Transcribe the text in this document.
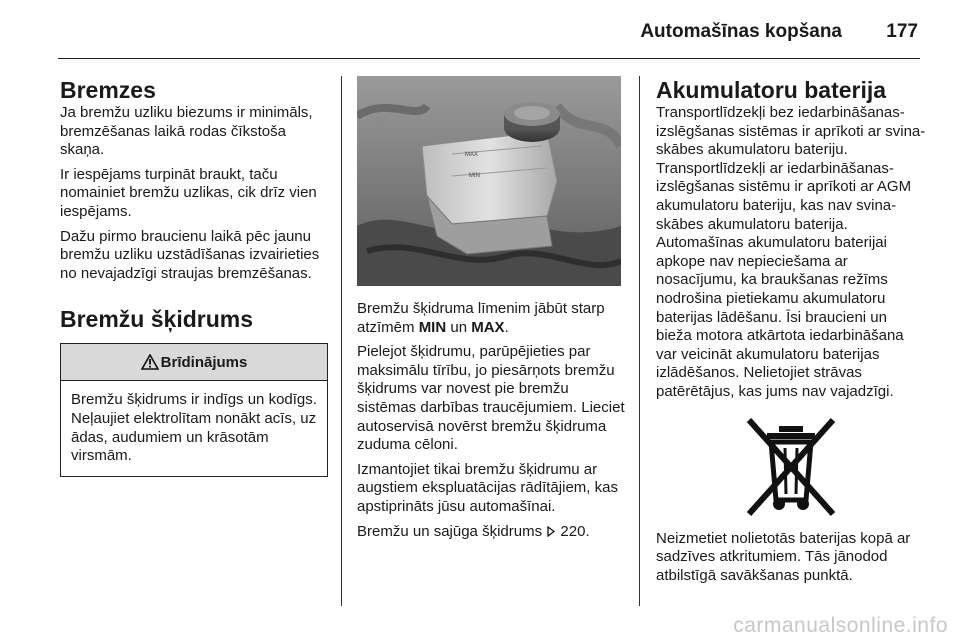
Automašīnas kopšana 177
Bremzes

Ja bremžu uzliku biezums ir minimāls, bremzēšanas laikā rodas čīkstoša skaņa.

Ir iespējams turpināt braukt, taču nomainiet bremžu uzlikas, cik drīz vien iespējams.

Dažu pirmo braucienu laikā pēc jaunu bremžu uzliku uzstādīšanas izvairieties no nevajadzīgi straujas bremzēšanas.

Bremžu šķidrums
Brīdinājums
Bremžu šķidrums ir indīgs un kodīgs. Neļaujiet elektrolītam nonākt acīs, uz ādas, audumiem un krāsotām virsmām.
MAX
MIN

Bremžu šķidruma līmenim jābūt starp atzīmēm MIN un MAX.

Pielejot šķidrumu, parūpējieties par maksimālu tīrību, jo piesārņots bremžu šķidrums var novest pie bremžu sistēmas darbības traucējumiem. Lieciet autoservisā novērst bremžu šķidruma zuduma cēloni.

Izmantojiet tikai bremžu šķidrumu ar augstiem ekspluatācijas rādītājiem, kas apstiprināts jūsu automašīnai.

Bremžu un sajūga šķidrums  220.

Akumulatoru baterija

Transportlīdzekļi bez iedarbināšanas-izslēgšanas sistēmas ir aprīkoti ar svina-skābes akumulatoru bateriju. Transportlīdzekļi ar iedarbināšanas-izslēgšanas sistēmu ir aprīkoti ar AGM akumulatoru bateriju, kas nav svina-skābes akumulatoru baterija. Automašīnas akumulatoru baterijai apkope nav nepieciešama ar nosacījumu, ka braukšanas režīms nodrošina pietiekamu akumulatoru baterijas lādēšanu. Īsi braucieni un bieža motora atkārtota iedarbināšana var veicināt akumulatoru baterijas izlādēšanos. Nelietojiet strāvas patērētājus, kas jums nav vajadzīgi.

Neizmetiet nolietotās baterijas kopā ar sadzīves atkritumiem. Tās jānodod atbilstīgā savākšanas punktā.

carmanualsonline.info
